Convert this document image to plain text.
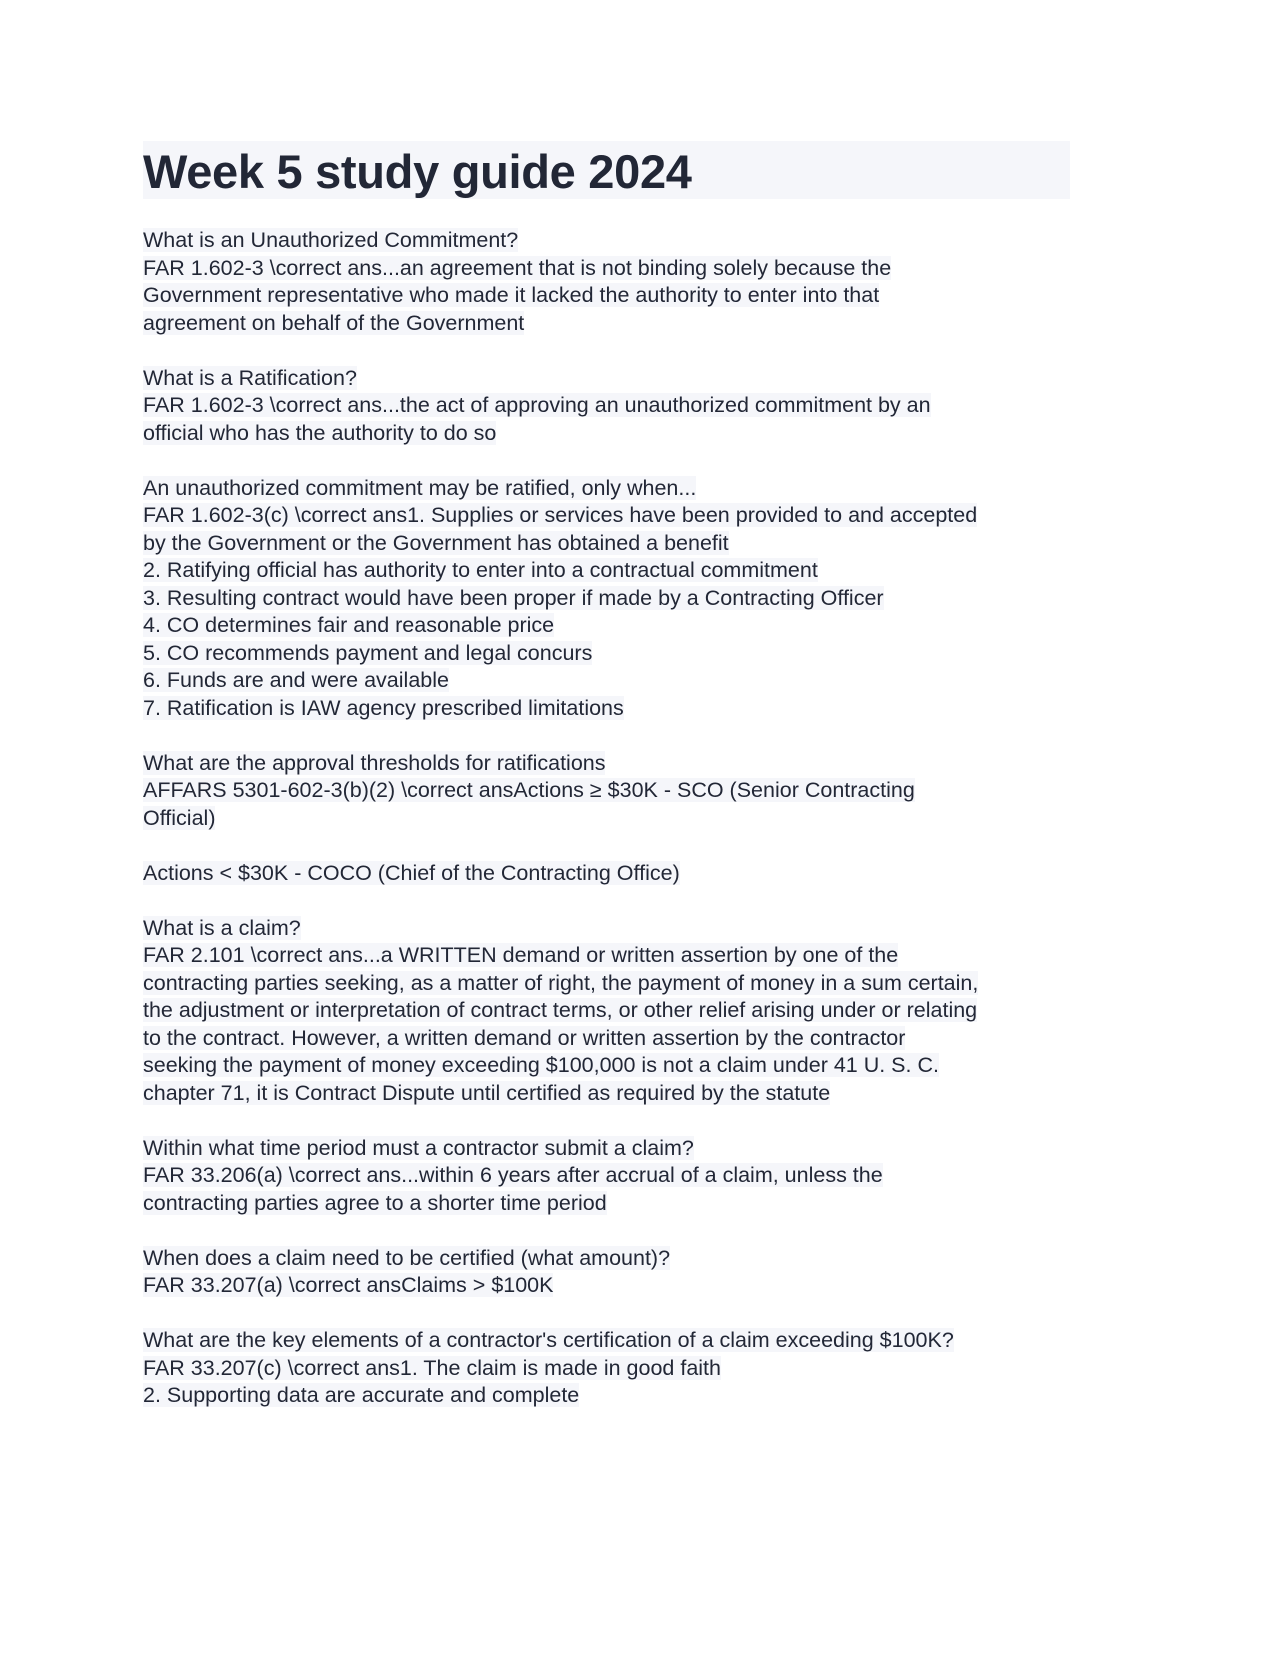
Week 5 study guide 2024

What is an Unauthorized Commitment?
FAR 1.602-3 \correct ans...an agreement that is not binding solely because the
Government representative who made it lacked the authority to enter into that
agreement on behalf of the Government

What is a Ratification?
FAR 1.602-3 \correct ans...the act of approving an unauthorized commitment by an
official who has the authority to do so

An unauthorized commitment may be ratified, only when...
FAR 1.602-3(c) \correct ans1. Supplies or services have been provided to and accepted
by the Government or the Government has obtained a benefit
2. Ratifying official has authority to enter into a contractual commitment
3. Resulting contract would have been proper if made by a Contracting Officer
4. CO determines fair and reasonable price
5. CO recommends payment and legal concurs
6. Funds are and were available
7. Ratification is IAW agency prescribed limitations

What are the approval thresholds for ratifications
AFFARS 5301-602-3(b)(2) \correct ansActions ≥ $30K - SCO (Senior Contracting
Official)

Actions < $30K - COCO (Chief of the Contracting Office)

What is a claim?
FAR 2.101 \correct ans...a WRITTEN demand or written assertion by one of the
contracting parties seeking, as a matter of right, the payment of money in a sum certain,
the adjustment or interpretation of contract terms, or other relief arising under or relating
to the contract. However, a written demand or written assertion by the contractor
seeking the payment of money exceeding $100,000 is not a claim under 41 U. S. C.
chapter 71, it is Contract Dispute until certified as required by the statute

Within what time period must a contractor submit a claim?
FAR 33.206(a) \correct ans...within 6 years after accrual of a claim, unless the
contracting parties agree to a shorter time period

When does a claim need to be certified (what amount)?
FAR 33.207(a) \correct ansClaims > $100K

What are the key elements of a contractor's certification of a claim exceeding $100K?
FAR 33.207(c) \correct ans1. The claim is made in good faith
2. Supporting data are accurate and complete
